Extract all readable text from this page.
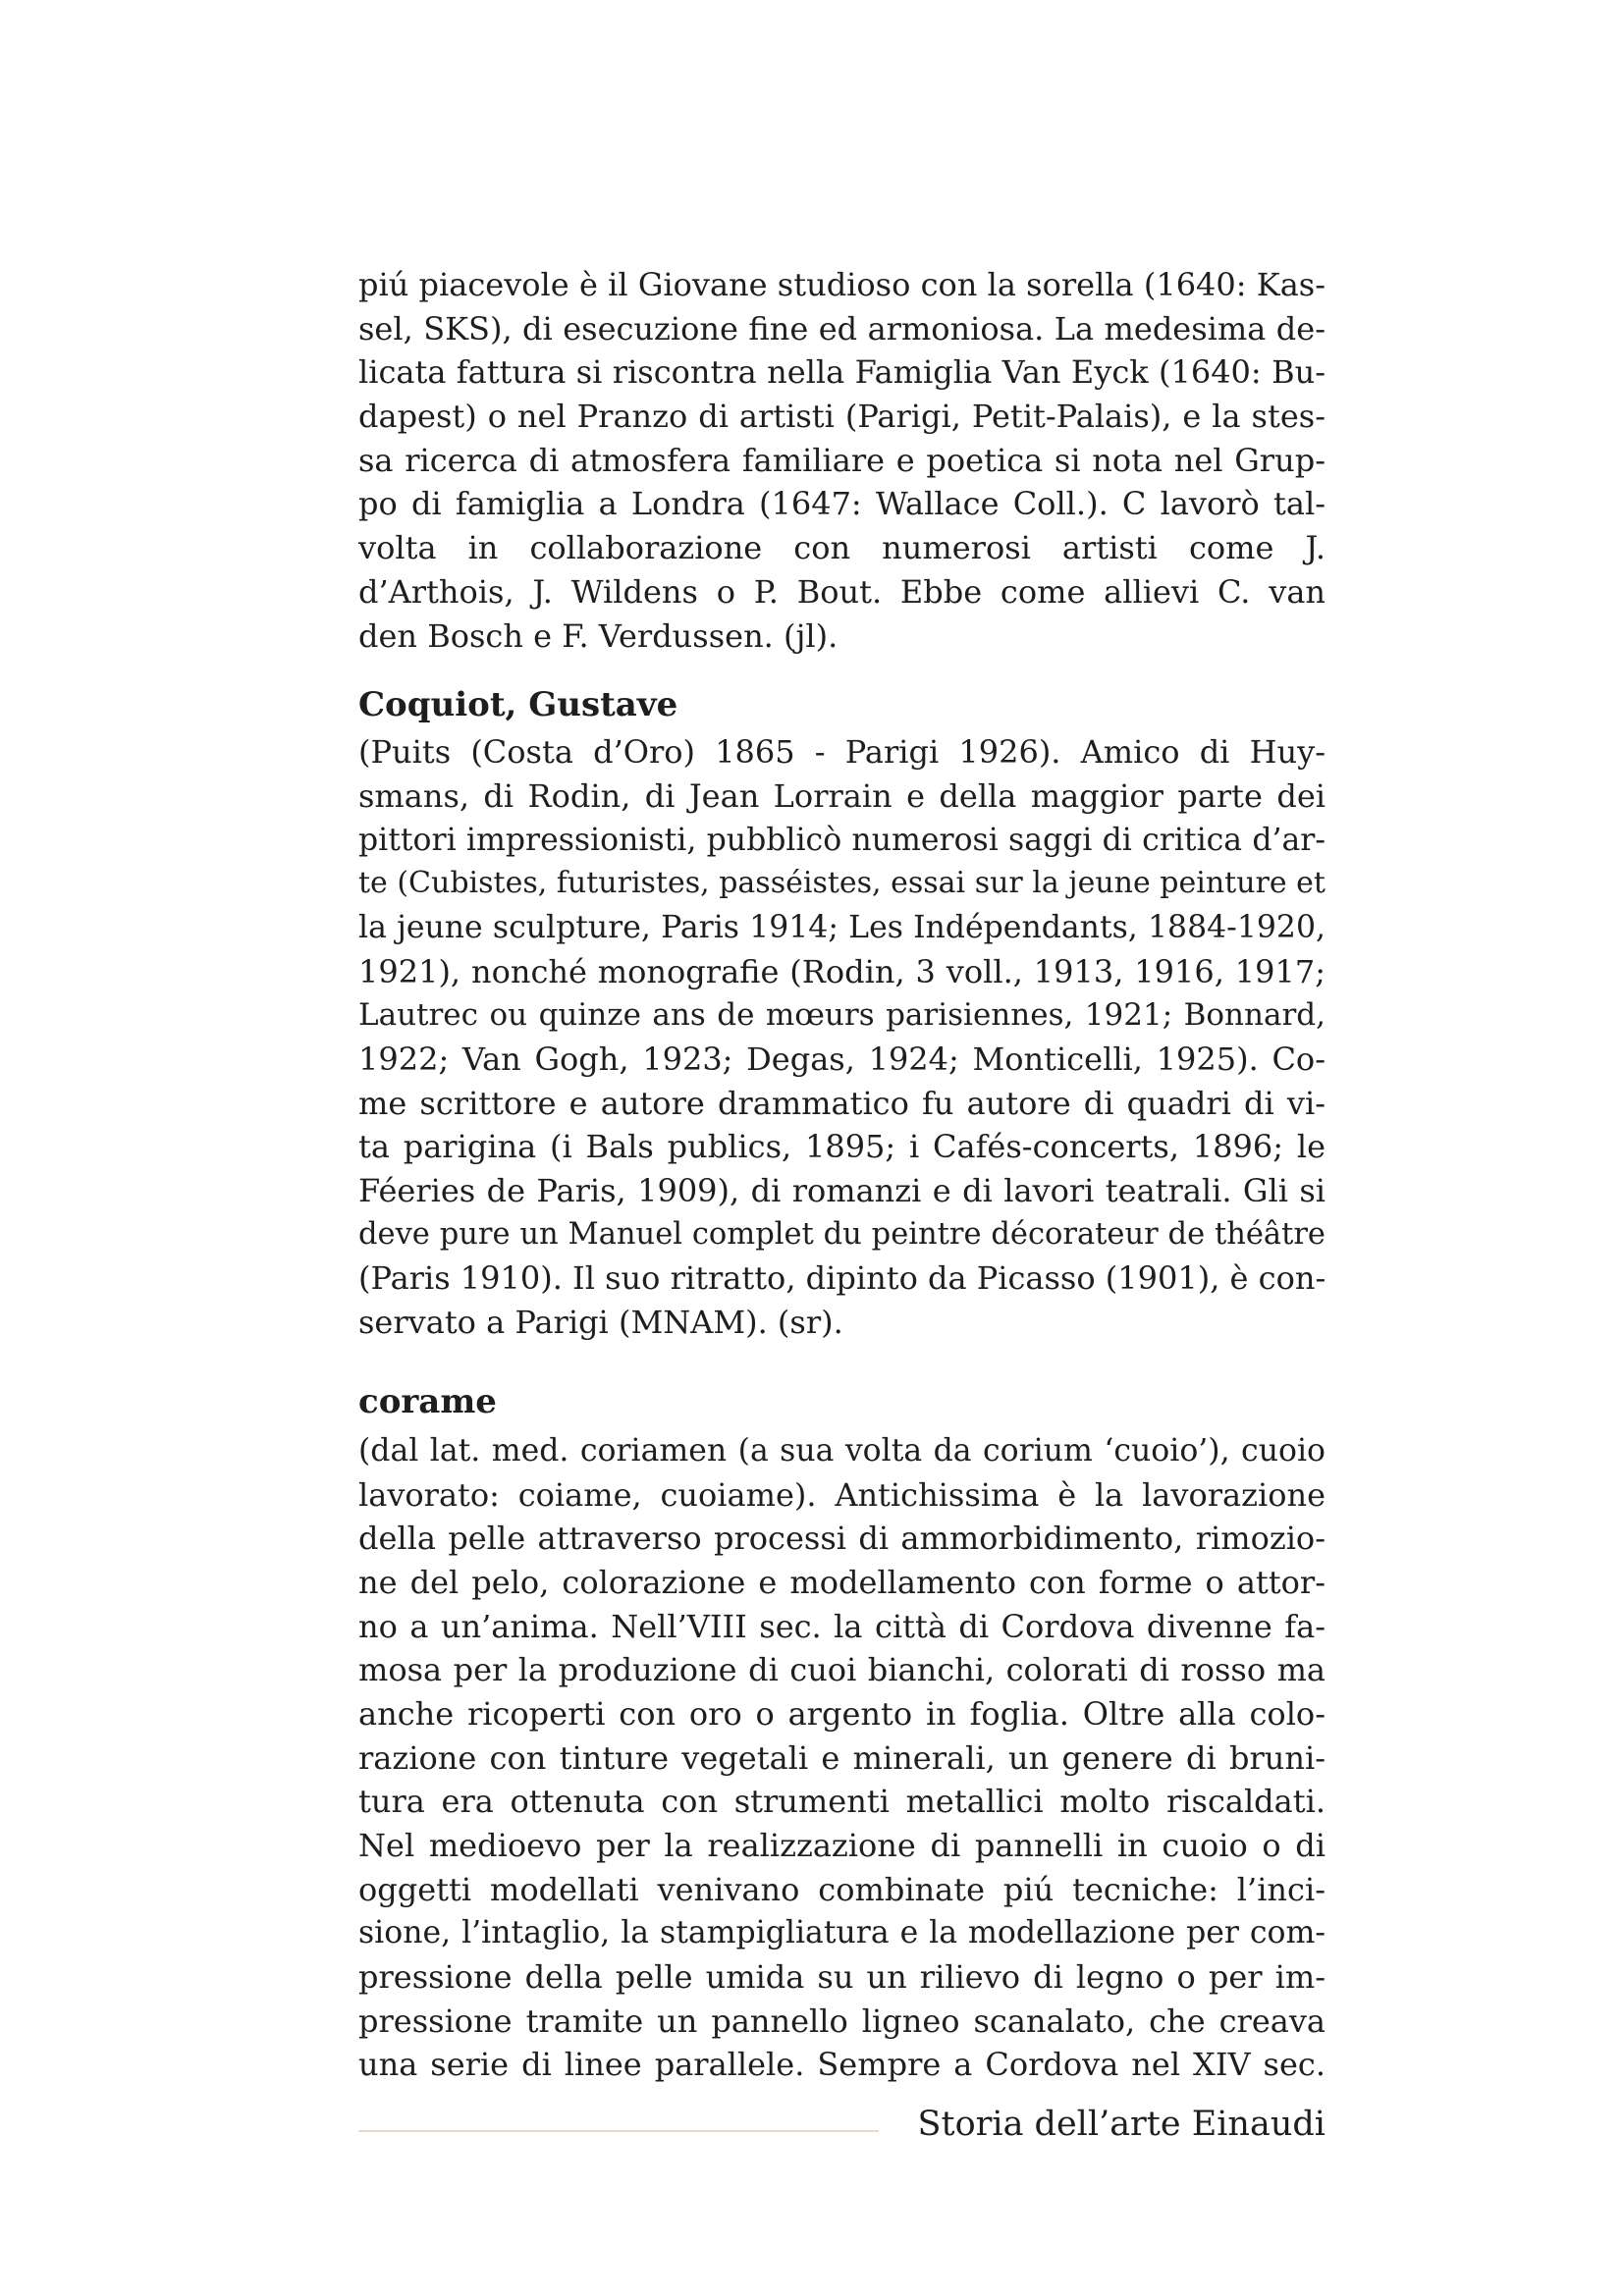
piú piacevole è il Giovane studioso con la sorella (1640: Kas-
sel, SKS), di esecuzione fine ed armoniosa. La medesima de-
licata fattura si riscontra nella Famiglia Van Eyck (1640: Bu-
dapest) o nel Pranzo di artisti (Parigi, Petit-Palais), e la stes-
sa ricerca di atmosfera familiare e poetica si nota nel Grup-
po di famiglia a Londra (1647: Wallace Coll.). C lavorò tal-
volta in collaborazione con numerosi artisti come J.
d’Arthois, J. Wildens o P. Bout. Ebbe come allievi C. van
den Bosch e F. Verdussen. (jl).
Coquiot, Gustave
(Puits (Costa d’Oro) 1865 - Parigi 1926). Amico di Huy-
smans, di Rodin, di Jean Lorrain e della maggior parte dei
pittori impressionisti, pubblicò numerosi saggi di critica d’ar-
te (Cubistes, futuristes, passéistes, essai sur la jeune peinture et
la jeune sculpture, Paris 1914; Les Indépendants, 1884-1920,
1921), nonché monografie (Rodin, 3 voll., 1913, 1916, 1917;
Lautrec ou quinze ans de mœurs parisiennes, 1921; Bonnard,
1922; Van Gogh, 1923; Degas, 1924; Monticelli, 1925). Co-
me scrittore e autore drammatico fu autore di quadri di vi-
ta parigina (i Bals publics, 1895; i Cafés-concerts, 1896; le
Féeries de Paris, 1909), di romanzi e di lavori teatrali. Gli si
deve pure un Manuel complet du peintre décorateur de théâtre
(Paris 1910). Il suo ritratto, dipinto da Picasso (1901), è con-
servato a Parigi (MNAM). (sr).
corame
(dal lat. med. coriamen (a sua volta da corium ‘cuoio’), cuoio
lavorato: coiame, cuoiame). Antichissima è la lavorazione
della pelle attraverso processi di ammorbidimento, rimozio-
ne del pelo, colorazione e modellamento con forme o attor-
no a un’anima. Nell’VIII sec. la città di Cordova divenne fa-
mosa per la produzione di cuoi bianchi, colorati di rosso ma
anche ricoperti con oro o argento in foglia. Oltre alla colo-
razione con tinture vegetali e minerali, un genere di bruni-
tura era ottenuta con strumenti metallici molto riscaldati.
Nel medioevo per la realizzazione di pannelli in cuoio o di
oggetti modellati venivano combinate piú tecniche: l’inci-
sione, l’intaglio, la stampigliatura e la modellazione per com-
pressione della pelle umida su un rilievo di legno o per im-
pressione tramite un pannello ligneo scanalato, che creava
una serie di linee parallele. Sempre a Cordova nel XIV sec.
Storia dell’arte Einaudi
